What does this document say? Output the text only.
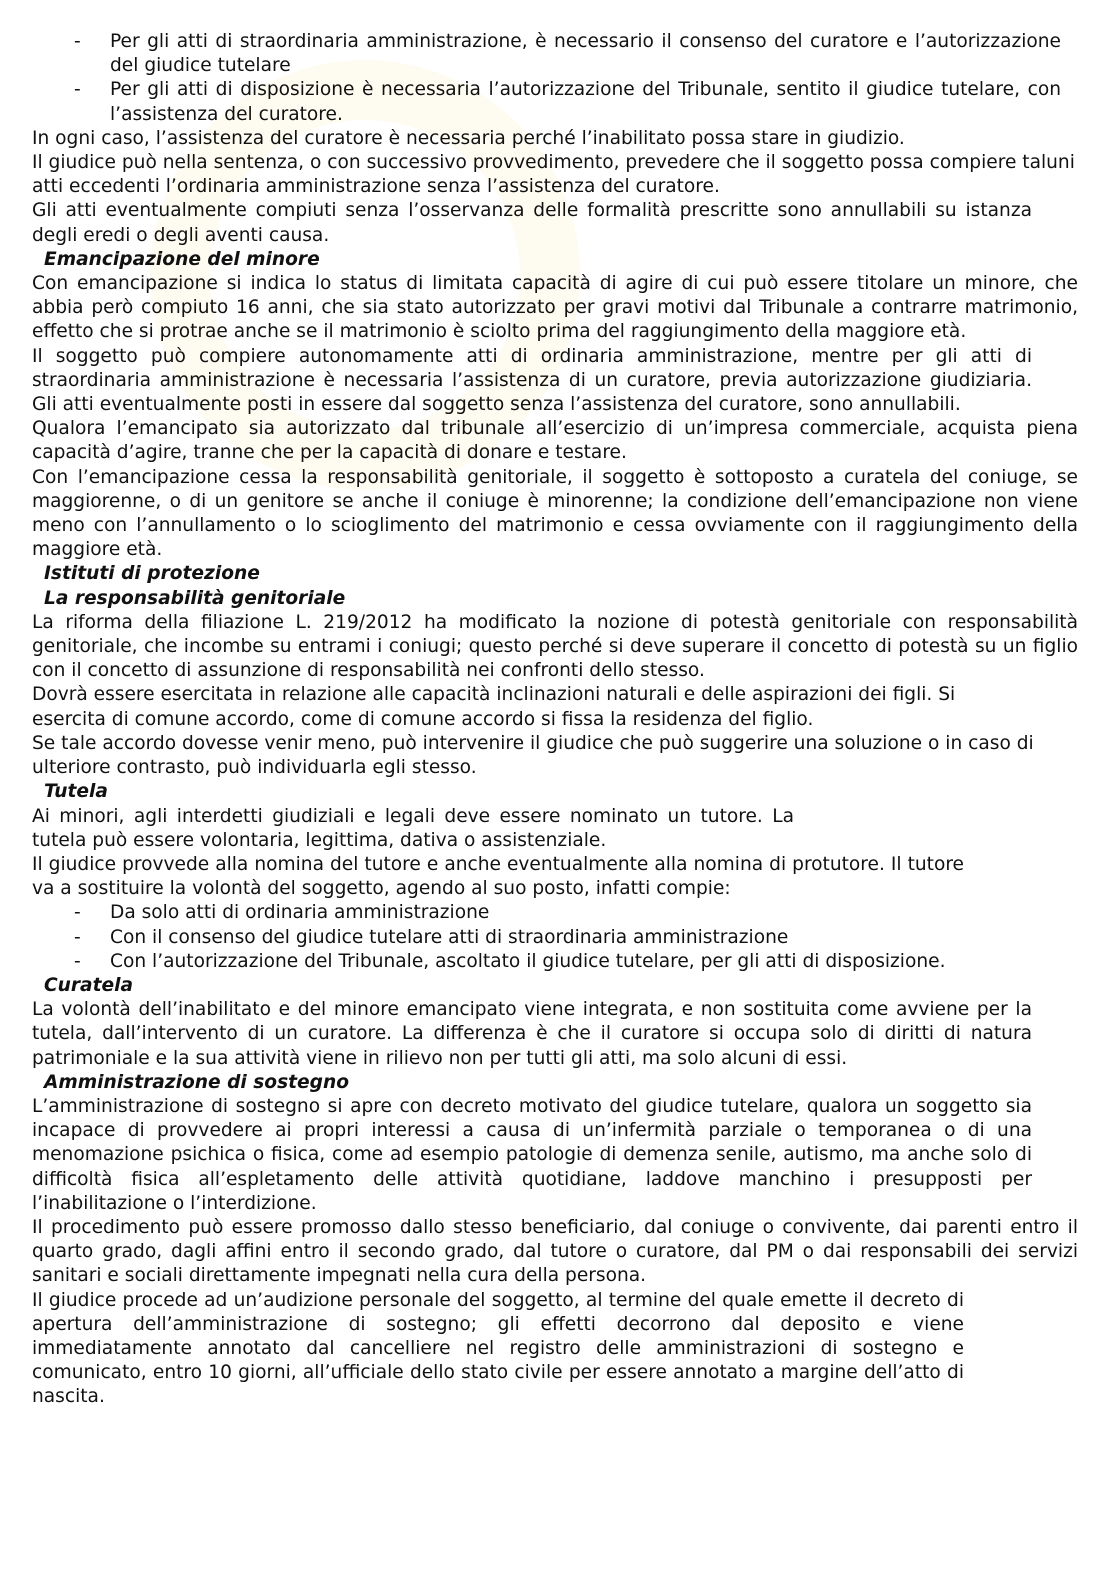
- Per gli atti di straordinaria amministrazione, è necessario il consenso del curatore e l’autorizzazione del giudice tutelare
- Per gli atti di disposizione è necessaria l’autorizzazione del Tribunale, sentito il giudice tutelare, con l’assistenza del curatore.

In ogni caso, l’assistenza del curatore è necessaria perché l’inabilitato possa stare in giudizio.

Il giudice può nella sentenza, o con successivo provvedimento, prevedere che il soggetto possa compiere taluni atti eccedenti l’ordinaria amministrazione senza l’assistenza del curatore.

Gli atti eventualmente compiuti senza l’osservanza delle formalità prescritte sono annullabili su istanza degli eredi o degli aventi causa.

Emancipazione del minore

Con emancipazione si indica lo status di limitata capacità di agire di cui può essere titolare un minore, che abbia però compiuto 16 anni, che sia stato autorizzato per gravi motivi dal Tribunale a contrarre matrimonio, effetto che si protrae anche se il matrimonio è sciolto prima del raggiungimento della maggiore età.

Il soggetto può compiere autonomamente atti di ordinaria amministrazione, mentre per gli atti di straordinaria amministrazione è necessaria l’assistenza di un curatore, previa autorizzazione giudiziaria. Gli atti eventualmente posti in essere dal soggetto senza l’assistenza del curatore, sono annullabili.

Qualora l’emancipato sia autorizzato dal tribunale all’esercizio di un’impresa commerciale, acquista piena capacità d’agire, tranne che per la capacità di donare e testare.

Con l’emancipazione cessa la responsabilità genitoriale, il soggetto è sottoposto a curatela del coniuge, se maggiorenne, o di un genitore se anche il coniuge è minorenne; la condizione dell’emancipazione non viene meno con l’annullamento o lo scioglimento del matrimonio e cessa ovviamente con il raggiungimento della maggiore età.

Istituti di protezione

La responsabilità genitoriale

La riforma della filiazione L. 219/2012 ha modificato la nozione di potestà genitoriale con responsabilità genitoriale, che incombe su entrami i coniugi; questo perché si deve superare il concetto di potestà su un figlio con il concetto di assunzione di responsabilità nei confronti dello stesso.

Dovrà essere esercitata in relazione alle capacità inclinazioni naturali e delle aspirazioni dei figli. Si esercita di comune accordo, come di comune accordo si fissa la residenza del figlio.

Se tale accordo dovesse venir meno, può intervenire il giudice che può suggerire una soluzione o in caso di ulteriore contrasto, può individuarla egli stesso.

Tutela

Ai minori, agli interdetti giudiziali e legali deve essere nominato un tutore. La tutela può essere volontaria, legittima, dativa o assistenziale.

Il giudice provvede alla nomina del tutore e anche eventualmente alla nomina di protutore. Il tutore va a sostituire la volontà del soggetto, agendo al suo posto, infatti compie:

- Da solo atti di ordinaria amministrazione
- Con il consenso del giudice tutelare atti di straordinaria amministrazione
- Con l’autorizzazione del Tribunale, ascoltato il giudice tutelare, per gli atti di disposizione.

Curatela

La volontà dell’inabilitato e del minore emancipato viene integrata, e non sostituita come avviene per la tutela, dall’intervento di un curatore. La differenza è che il curatore si occupa solo di diritti di natura patrimoniale e la sua attività viene in rilievo non per tutti gli atti, ma solo alcuni di essi.

Amministrazione di sostegno

L’amministrazione di sostegno si apre con decreto motivato del giudice tutelare, qualora un soggetto sia incapace di provvedere ai propri interessi a causa di un’infermità parziale o temporanea o di una menomazione psichica o fisica, come ad esempio patologie di demenza senile, autismo, ma anche solo di difficoltà fisica all’espletamento delle attività quotidiane, laddove manchino i presupposti per l’inabilitazione o l’interdizione.

Il procedimento può essere promosso dallo stesso beneficiario, dal coniuge o convivente, dai parenti entro il quarto grado, dagli affini entro il secondo grado, dal tutore o curatore, dal PM o dai responsabili dei servizi sanitari e sociali direttamente impegnati nella cura della persona.

Il giudice procede ad un’audizione personale del soggetto, al termine del quale emette il decreto di apertura dell’amministrazione di sostegno; gli effetti decorrono dal deposito e viene immediatamente annotato dal cancelliere nel registro delle amministrazioni di sostegno e comunicato, entro 10 giorni, all’ufficiale dello stato civile per essere annotato a margine dell’atto di nascita.
